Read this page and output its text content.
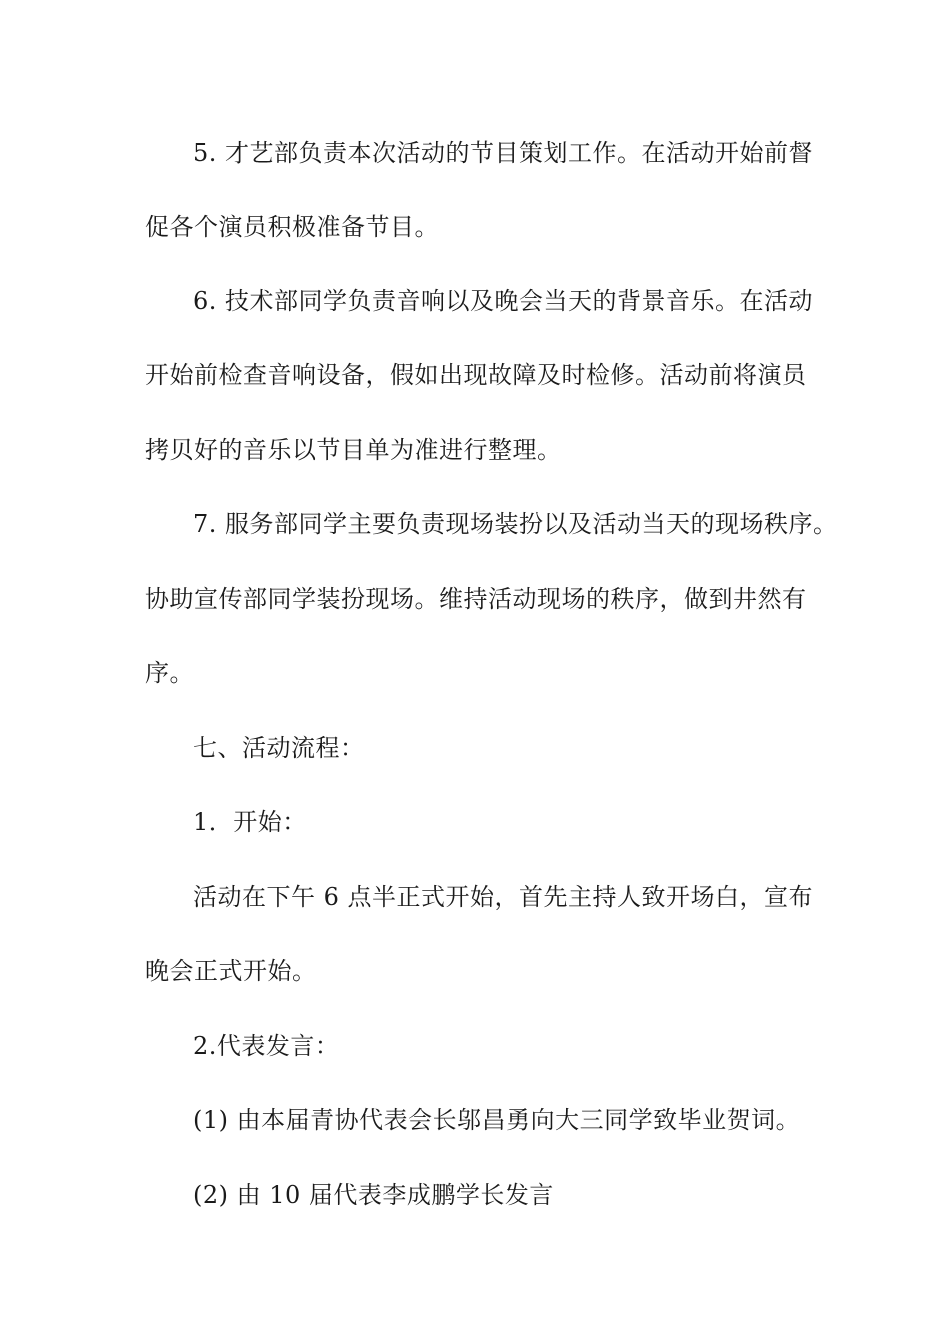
5. 才艺部负责本次活动的节目策划工作。在活动开始前督

促各个演员积极准备节目。

6. 技术部同学负责音响以及晚会当天的背景音乐。在活动

开始前检查音响设备，假如出现故障及时检修。活动前将演员

拷贝好的音乐以节目单为准进行整理。

7. 服务部同学主要负责现场装扮以及活动当天的现场秩序。

协助宣传部同学装扮现场。维持活动现场的秩序，做到井然有

序。

七、活动流程：

1．开始：

活动在下午 6 点半正式开始，首先主持人致开场白，宣布

晚会正式开始。

2.代表发言：

(1) 由本届青协代表会长邬昌勇向大三同学致毕业贺词。

(2) 由 10 届代表李成鹏学长发言
